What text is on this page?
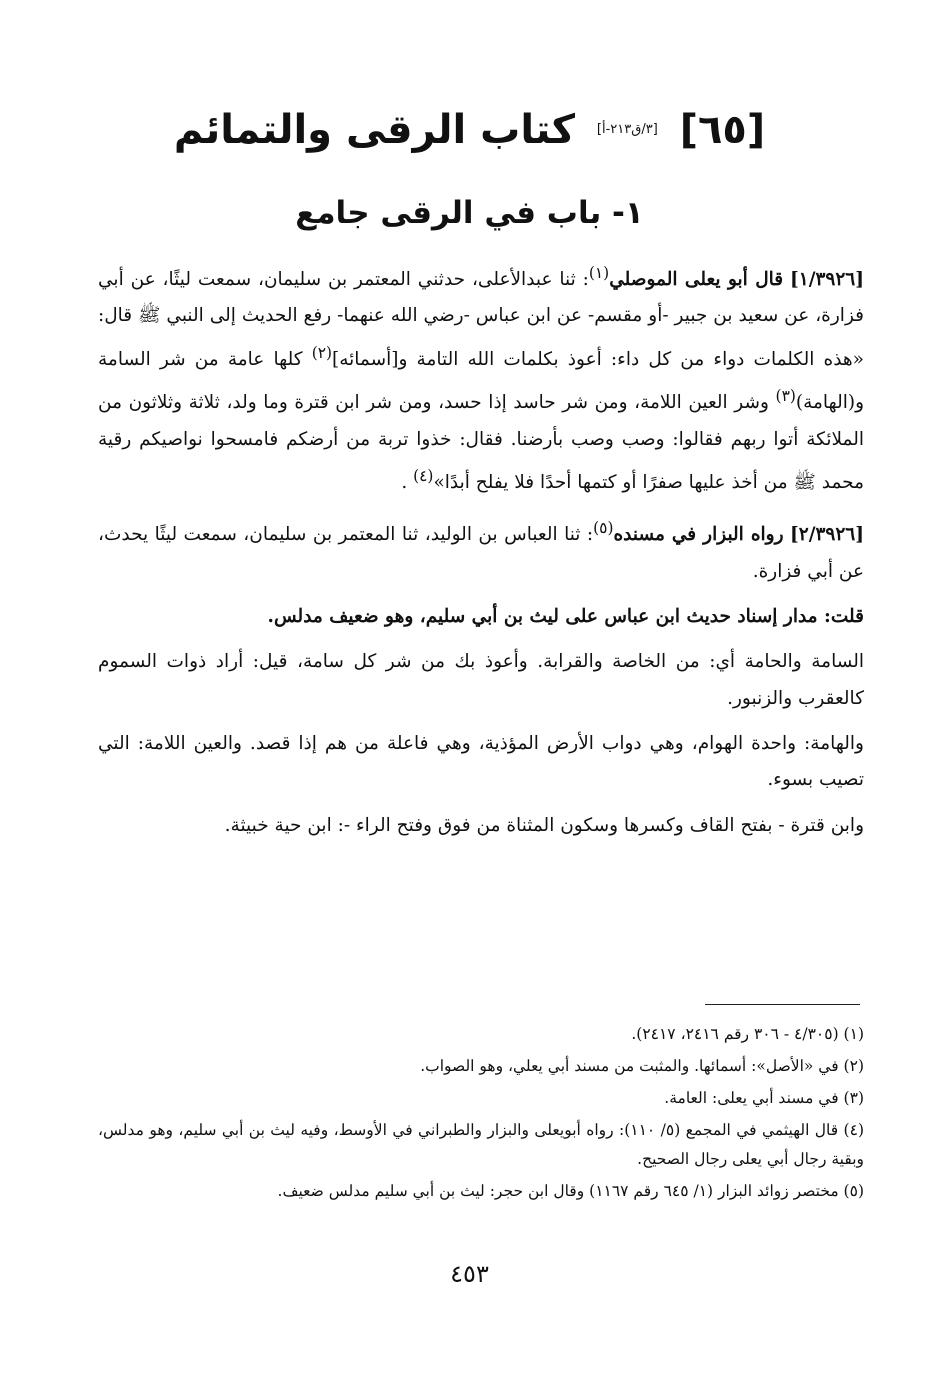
[٦٥] [٣/ق٢١٣-أ] كتاب الرقى والتمائم
١- باب في الرقى جامع

[١/٣٩٢٦] قال أبو يعلى الموصلي$^{(١)}$: ثنا عبدالأعلى، حدثني المعتمر بن سليمان، سمعت ليثًا، عن أبي فزارة، عن سعيد بن جبير -أو مقسم- عن ابن عباس -رضي الله عنهما- رفع الحديث إلى النبي ﷺ قال: «هذه الكلمات دواء من كل داء: أعوذ بكلمات الله التامة و[أسمائه]$^{(٢)}$ كلها عامة من شر السامة و(الهامة)$^{(٣)}$ وشر العين اللامة، ومن شر حاسد إذا حسد، ومن شر ابن قترة وما ولد، ثلاثة وثلاثون من الملائكة أتوا ربهم فقالوا: وصب وصب بأرضنا. فقال: خذوا تربة من أرضكم فامسحوا نواصيكم رقية محمد ﷺ من أخذ عليها صفرًا أو كتمها أحدًا فلا يفلح أبدًا»$^{(٤)}$ .

[٢/٣٩٢٦] رواه البزار في مسنده$^{(٥)}$: ثنا العباس بن الوليد، ثنا المعتمر بن سليمان، سمعت ليثًا يحدث، عن أبي فزارة.

قلت: مدار إسناد حديث ابن عباس على ليث بن أبي سليم، وهو ضعيف مدلس.

السامة والحامة أي: من الخاصة والقرابة. وأعوذ بك من شر كل سامة، قيل: أراد ذوات السموم كالعقرب والزنبور.

والهامة: واحدة الهوام، وهي دواب الأرض المؤذية، وهي فاعلة من هم إذا قصد. والعين اللامة: التي تصيب بسوء.

وابن قترة - بفتح القاف وكسرها وسكون المثناة من فوق وفتح الراء -: ابن حية خبيثة.

(١) (٤/٣٠٥ - ٣٠٦ رقم ٢٤١٦، ٢٤١٧).

(٢) في «الأصل»: أسمائها. والمثبت من مسند أبي يعلي، وهو الصواب.

(٣) في مسند أبي يعلى: العامة.

(٤) قال الهيثمي في المجمع (٥/ ١١٠): رواه أبويعلى والبزار والطبراني في الأوسط، وفيه ليث بن أبي سليم، وهو مدلس، وبقية رجال أبي يعلى رجال الصحيح.

(٥) مختصر زوائد البزار (١/ ٦٤٥ رقم ١١٦٧) وقال ابن حجر: ليث بن أبي سليم مدلس ضعيف.

٤٥٣
